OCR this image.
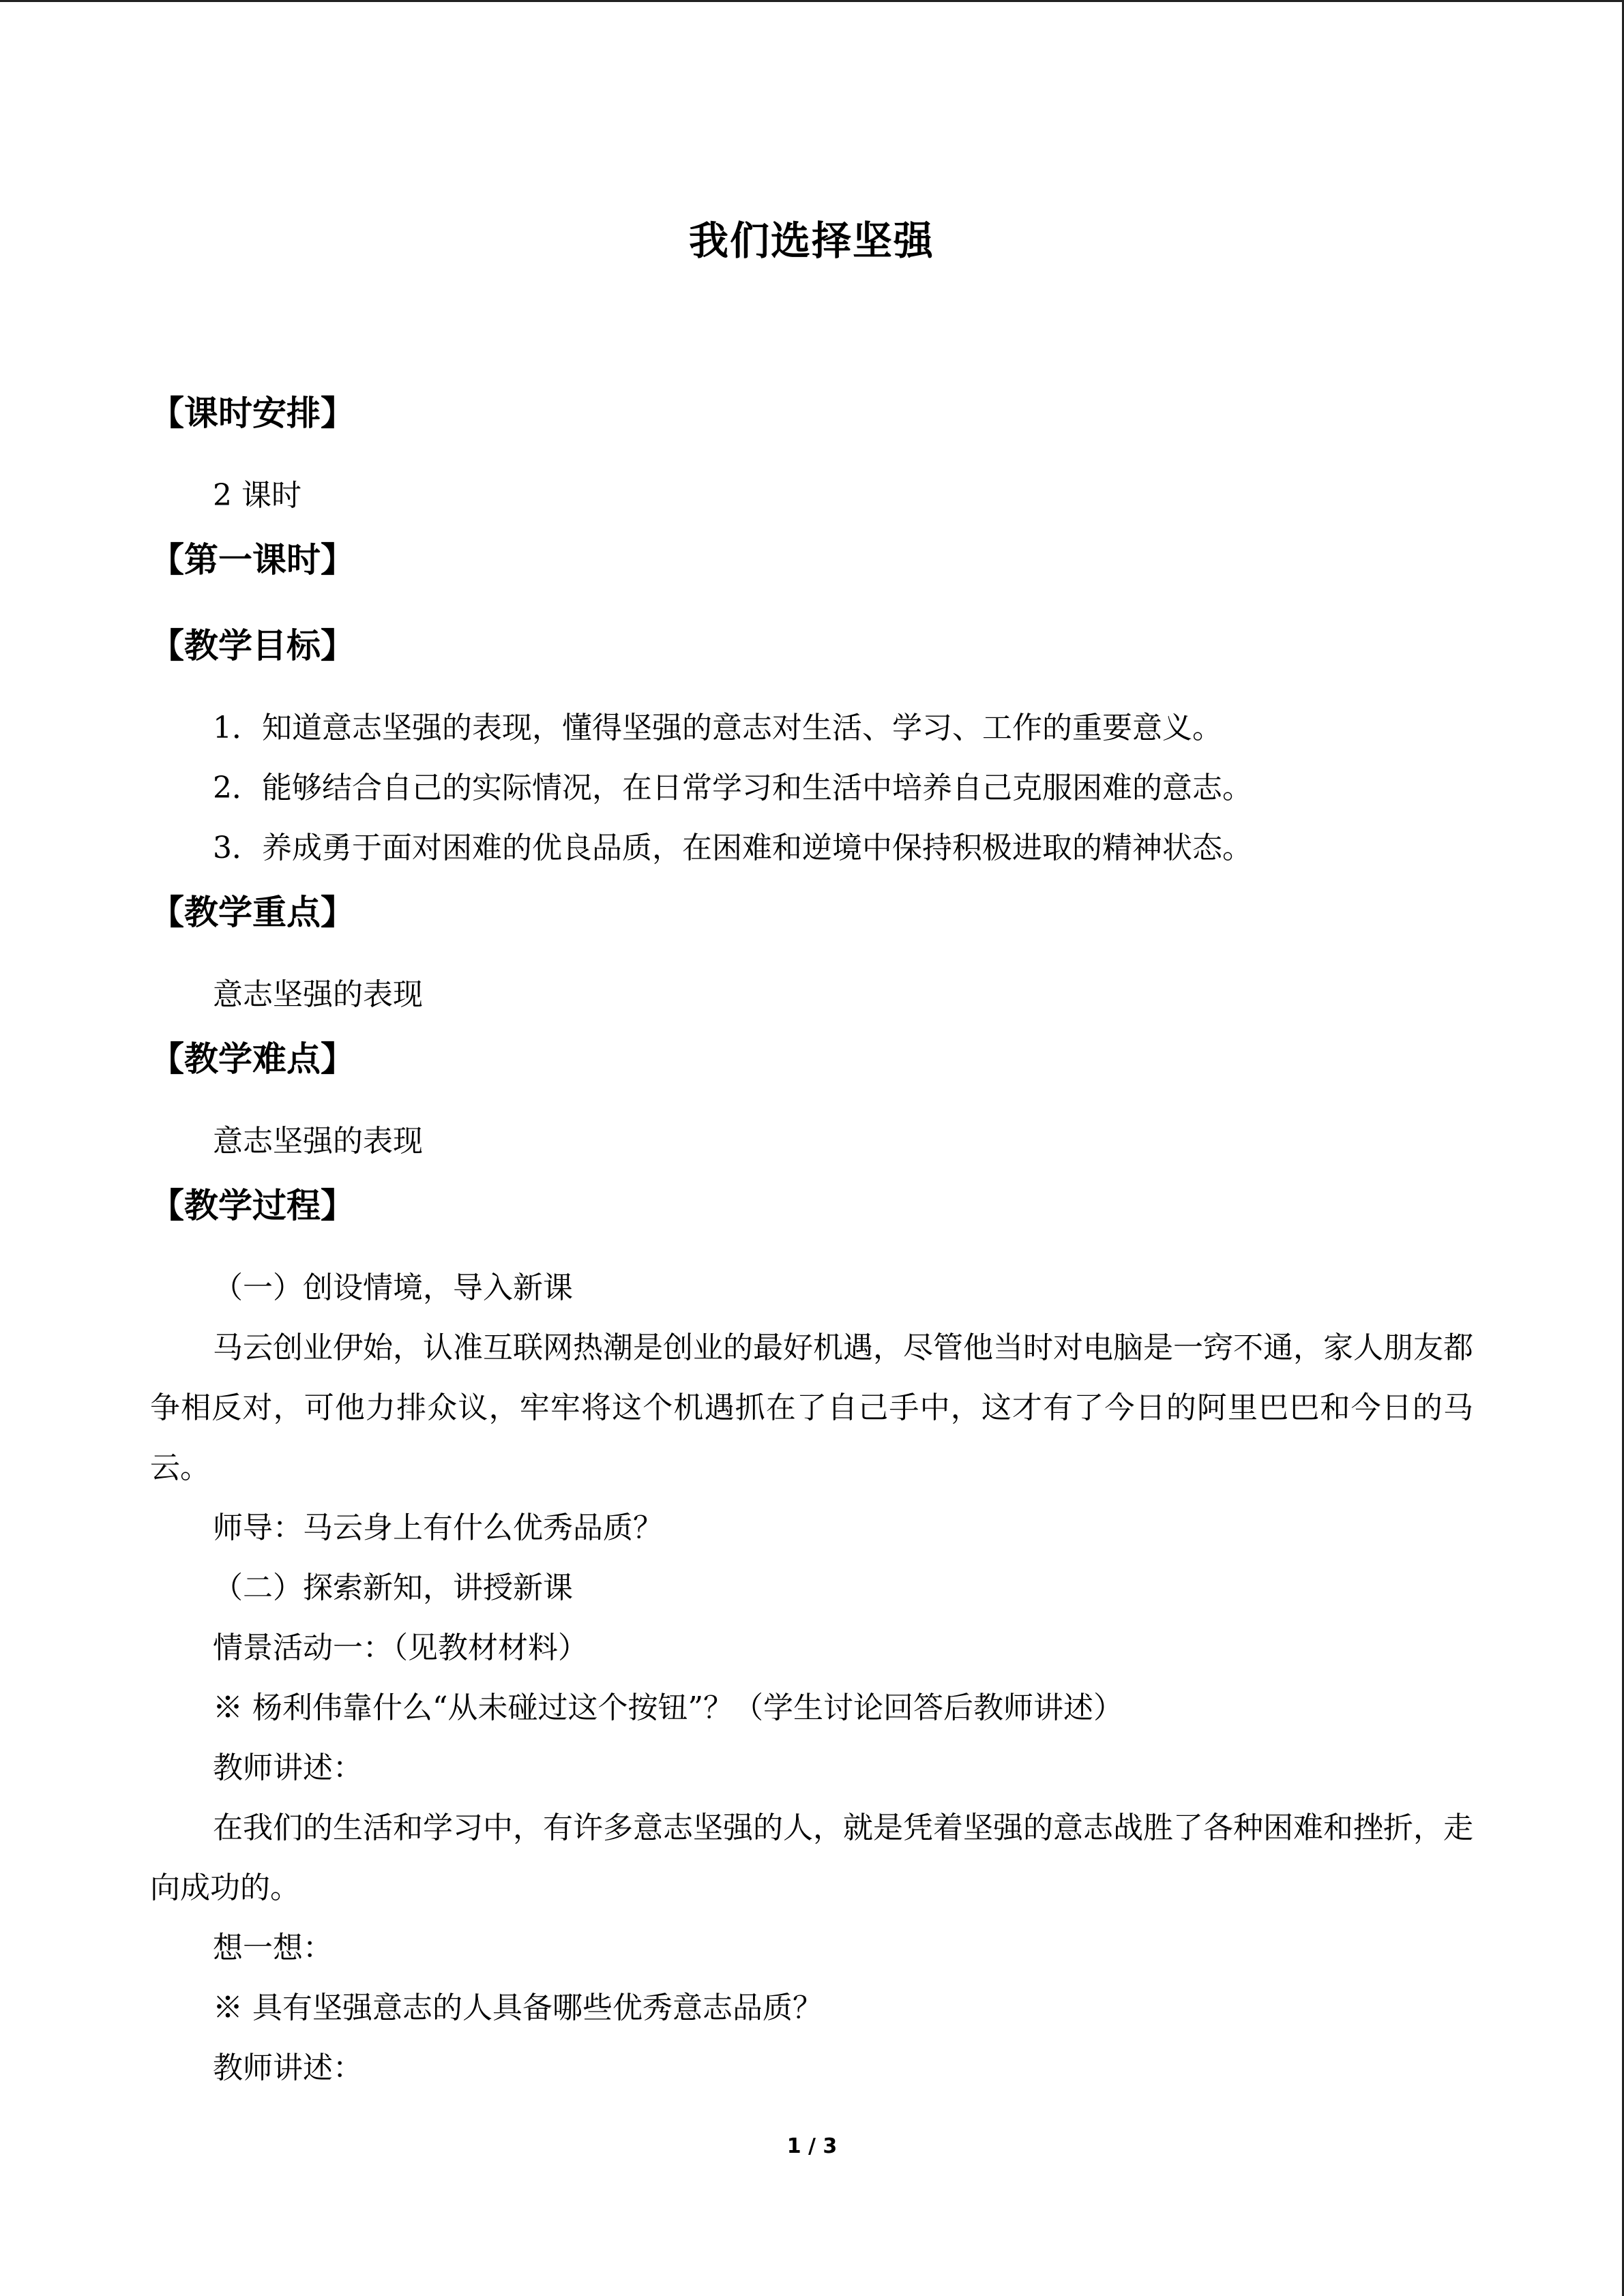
我们选择坚强
【课时安排】
2 课时
【第一课时】
【教学目标】
1．知道意志坚强的表现，懂得坚强的意志对生活、学习、工作的重要意义。
2．能够结合自己的实际情况，在日常学习和生活中培养自己克服困难的意志。
3．养成勇于面对困难的优良品质，在困难和逆境中保持积极进取的精神状态。
【教学重点】
意志坚强的表现
【教学难点】
意志坚强的表现
【教学过程】
（一）创设情境，导入新课
马云创业伊始，认准互联网热潮是创业的最好机遇，尽管他当时对电脑是一窍不通，家人朋友都争相反对，可他力排众议，牢牢将这个机遇抓在了自己手中，这才有了今日的阿里巴巴和今日的马云。
师导：马云身上有什么优秀品质？
（二）探索新知，讲授新课
情景活动一：（见教材材料）
※ 杨利伟靠什么“从未碰过这个按钮”？（学生讨论回答后教师讲述）
教师讲述：
在我们的生活和学习中，有许多意志坚强的人，就是凭着坚强的意志战胜了各种困难和挫折，走向成功的。
想一想：
※ 具有坚强意志的人具备哪些优秀意志品质？
教师讲述：
1 / 3
